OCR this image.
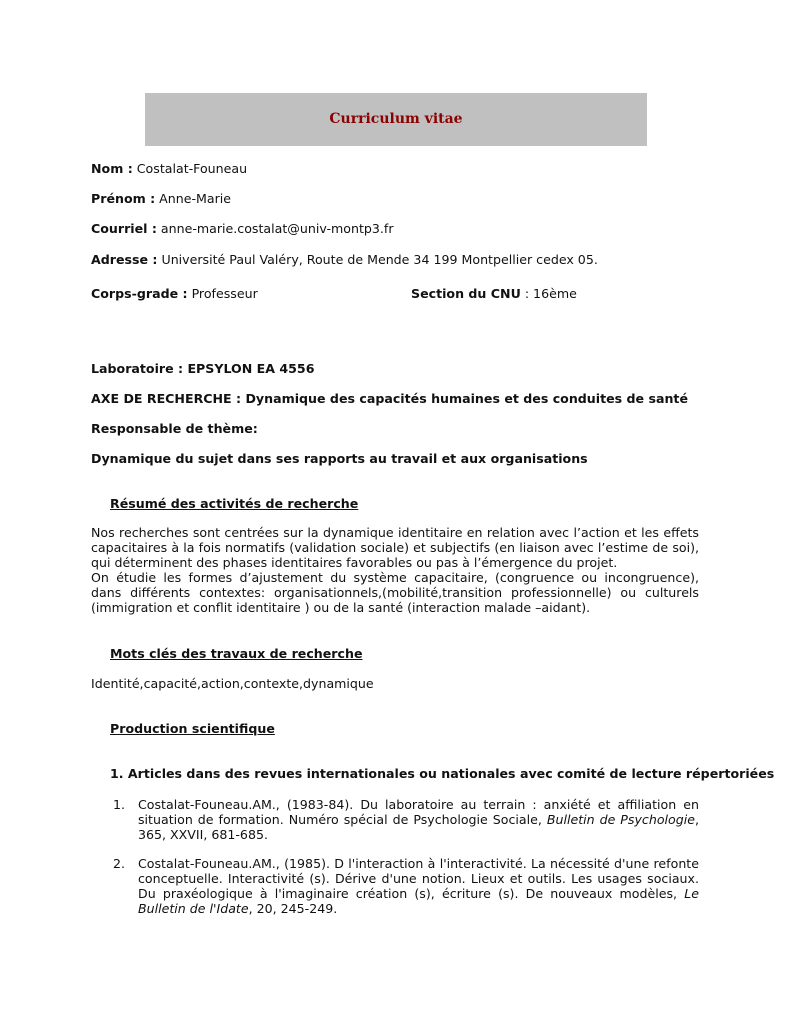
Curriculum vitae
Nom : Costalat-Founeau
Prénom : Anne-Marie
Courriel : anne-marie.costalat@univ-montp3.fr
Adresse : Université Paul Valéry, Route de Mende 34 199 Montpellier cedex 05.
Corps-grade : Professeur	Section du CNU : 16ème
Laboratoire : EPSYLON EA 4556
AXE DE RECHERCHE : Dynamique des capacités humaines et des conduites de santé
Responsable de thème:
Dynamique du sujet dans ses rapports au travail et aux organisations
Résumé des activités de recherche

Nos recherches sont centrées sur la dynamique identitaire en relation avec l’action et les effets capacitaires à la fois normatifs (validation sociale) et subjectifs (en liaison avec l’estime de soi), qui déterminent des phases identitaires favorables ou pas à l’émergence du projet.

On étudie les formes d’ajustement du système capacitaire, (congruence ou incongruence), dans différents contextes: organisationnels,(mobilité,transition professionnelle) ou culturels (immigration et conflit identitaire ) ou de la santé (interaction malade –aidant).

Mots clés des travaux de recherche
Identité,capacité,action,contexte,dynamique
Production scientifique
1. Articles dans des revues internationales ou nationales avec comité de lecture répertoriées
1. Costalat-Founeau.AM., (1983-84). Du laboratoire au terrain : anxiété et affiliation en situation de formation. Numéro spécial de Psychologie Sociale, Bulletin de Psychologie, 365, XXVII, 681-685.
2. Costalat-Founeau.AM., (1985). D l'interaction à l'interactivité. La nécessité d'une refonte conceptuelle. Interactivité (s). Dérive d'une notion. Lieux et outils. Les usages sociaux. Du praxéologique à l'imaginaire création (s), écriture (s). De nouveaux modèles, Le Bulletin de l'Idate, 20, 245-249.
